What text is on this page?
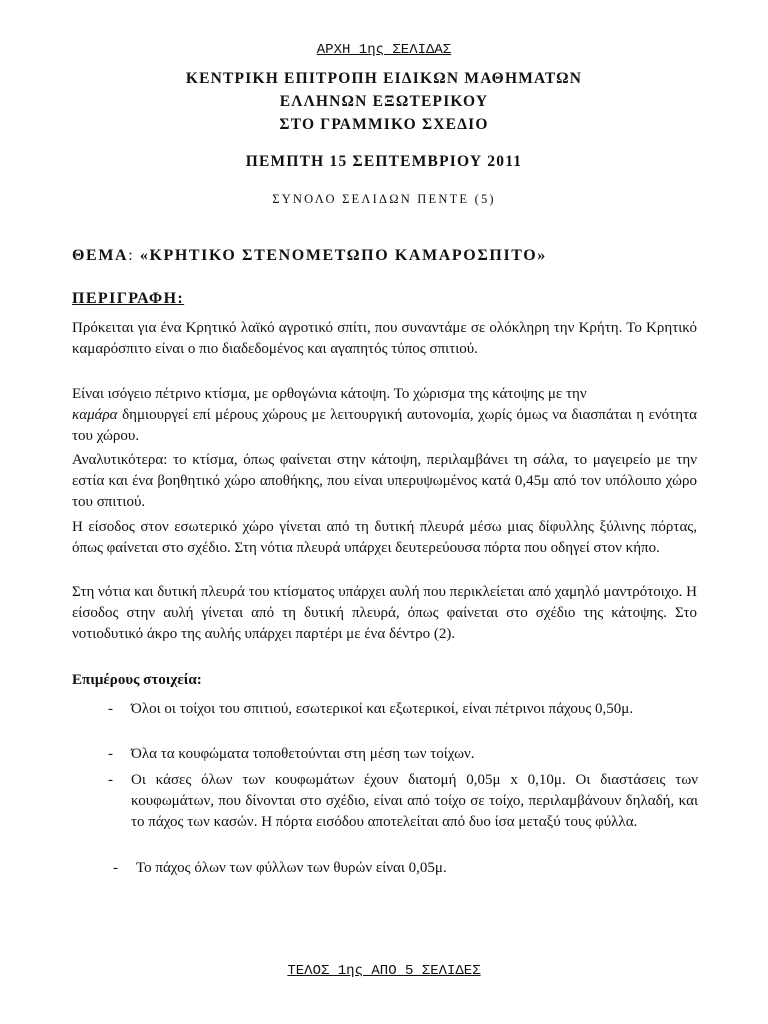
ΑΡΧΗ 1ης ΣΕΛΙΔΑΣ
ΚΕΝΤΡΙΚΗ ΕΠΙΤΡΟΠΗ ΕΙΔΙΚΩΝ ΜΑΘΗΜΑΤΩΝ
ΕΛΛΗΝΩΝ ΕΞΩΤΕΡΙΚΟΥ
ΣΤΟ ΓΡΑΜΜΙΚΟ ΣΧΕΔΙΟ
ΠΕΜΠΤΗ 15 ΣΕΠΤΕΜΒΡΙΟΥ 2011
ΣΥΝΟΛΟ ΣΕΛΙΔΩΝ ΠΕΝΤΕ (5)
ΘΕΜΑ: «ΚΡΗΤΙΚΟ ΣΤΕΝΟΜΕΤΩΠΟ ΚΑΜΑΡΟΣΠΙΤΟ»
ΠΕΡΙΓΡΑΦΗ:
Πρόκειται για ένα Κρητικό λαϊκό αγροτικό σπίτι, που συναντάμε σε ολόκληρη την Κρήτη. Το Κρητικό καμαρόσπιτο είναι ο πιο διαδεδομένος και αγαπητός τύπος σπιτιού.
Είναι ισόγειο πέτρινο κτίσμα, με ορθογώνια κάτοψη. Το χώρισμα της κάτοψης με την
καμάρα δημιουργεί επί μέρους χώρους με λειτουργική αυτονομία, χωρίς όμως να διασπάται η ενότητα του χώρου.
Αναλυτικότερα: το κτίσμα, όπως φαίνεται στην κάτοψη, περιλαμβάνει τη σάλα, το μαγειρείο με την εστία και ένα βοηθητικό χώρο αποθήκης, που είναι υπερυψωμένος κατά 0,45μ από τον υπόλοιπο χώρο του σπιτιού.
Η είσοδος στον εσωτερικό χώρο γίνεται από τη δυτική πλευρά μέσω μιας δίφυλλης ξύλινης πόρτας, όπως φαίνεται στο σχέδιο. Στη νότια πλευρά υπάρχει δευτερεύουσα πόρτα που οδηγεί στον κήπο.
Στη νότια και δυτική πλευρά του κτίσματος υπάρχει αυλή που περικλείεται από χαμηλό μαντρότοιχο. Η είσοδος στην αυλή γίνεται από τη δυτική πλευρά, όπως φαίνεται στο σχέδιο της κάτοψης. Στο νοτιοδυτικό άκρο της αυλής υπάρχει παρτέρι με ένα δέντρο (2).
Επιμέρους στοιχεία:
-	Όλοι οι τοίχοι του σπιτιού, εσωτερικοί και εξωτερικοί, είναι πέτρινοι πάχους 0,50μ.
-	Όλα τα κουφώματα τοποθετούνται στη μέση των τοίχων.
-	Οι κάσες όλων των κουφωμάτων έχουν διατομή 0,05μ x 0,10μ. Οι διαστάσεις των κουφωμάτων, που δίνονται στο σχέδιο, είναι από τοίχο σε τοίχο, περιλαμβάνουν δηλαδή, και το πάχος των κασών. Η πόρτα εισόδου αποτελείται από δυο ίσα μεταξύ τους φύλλα.
-	Το πάχος όλων των φύλλων των θυρών είναι 0,05μ.
ΤΕΛΟΣ 1ης ΑΠΟ 5 ΣΕΛΙΔΕΣ
